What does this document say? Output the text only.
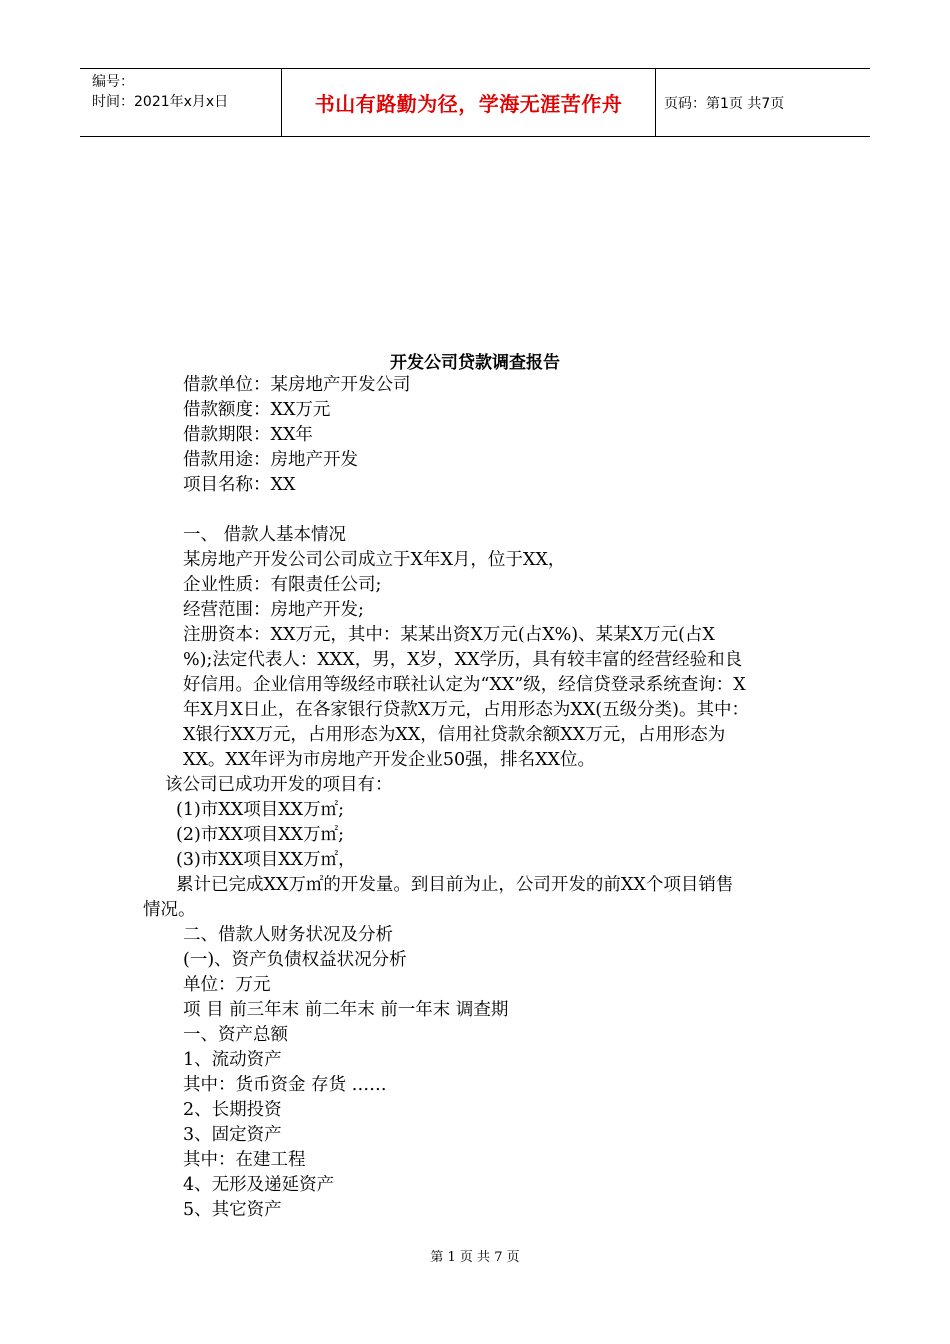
编号：
时间：2021年x月x日	书山有路勤为径，学海无涯苦作舟	页码：第1页 共7页
开发公司贷款调查报告
借款单位：某房地产开发公司
借款额度：XX万元
借款期限：XX年
借款用途：房地产开发
项目名称：XX
一、 借款人基本情况
某房地产开发公司公司成立于X年X月，位于XX，
企业性质：有限责任公司;
经营范围：房地产开发;
注册资本：XX万元，其中：某某出资X万元(占X%)、某某X万元(占X
%);法定代表人：XXX，男，X岁，XX学历，具有较丰富的经营经验和良
好信用。企业信用等级经市联社认定为“XX”级，经信贷登录系统查询：X
年X月X日止，在各家银行贷款X万元，占用形态为XX(五级分类)。其中：
X银行XX万元，占用形态为XX，信用社贷款余额XX万元，占用形态为
XX。XX年评为市房地产开发企业50强，排名XX位。
该公司已成功开发的项目有：
(1)市XX项目XX万㎡;
(2)市XX项目XX万㎡;
(3)市XX项目XX万㎡，
累计已完成XX万㎡的开发量。到目前为止，公司开发的前XX个项目销售
情况。
二、借款人财务状况及分析
(一)、资产负债权益状况分析
单位：万元
项 目 前三年末 前二年末 前一年末 调查期
一、资产总额
1、流动资产
其中：货币资金 存货 ……
2、长期投资
3、固定资产
其中：在建工程
4、无形及递延资产
5、其它资产
第 1 页 共 7 页
